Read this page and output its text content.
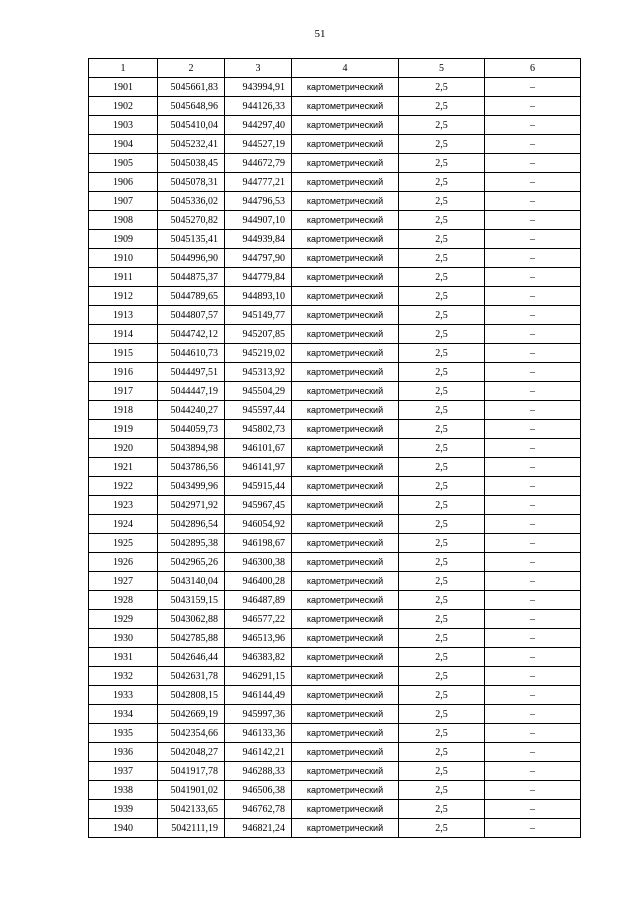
51
1	2	3	4	5	6
1901	5045661,83	943994,91	картометрический	2,5	–
1902	5045648,96	944126,33	картометрический	2,5	–
1903	5045410,04	944297,40	картометрический	2,5	–
1904	5045232,41	944527,19	картометрический	2,5	–
1905	5045038,45	944672,79	картометрический	2,5	–
1906	5045078,31	944777,21	картометрический	2,5	–
1907	5045336,02	944796,53	картометрический	2,5	–
1908	5045270,82	944907,10	картометрический	2,5	–
1909	5045135,41	944939,84	картометрический	2,5	–
1910	5044996,90	944797,90	картометрический	2,5	–
1911	5044875,37	944779,84	картометрический	2,5	–
1912	5044789,65	944893,10	картометрический	2,5	–
1913	5044807,57	945149,77	картометрический	2,5	–
1914	5044742,12	945207,85	картометрический	2,5	–
1915	5044610,73	945219,02	картометрический	2,5	–
1916	5044497,51	945313,92	картометрический	2,5	–
1917	5044447,19	945504,29	картометрический	2,5	–
1918	5044240,27	945597,44	картометрический	2,5	–
1919	5044059,73	945802,73	картометрический	2,5	–
1920	5043894,98	946101,67	картометрический	2,5	–
1921	5043786,56	946141,97	картометрический	2,5	–
1922	5043499,96	945915,44	картометрический	2,5	–
1923	5042971,92	945967,45	картометрический	2,5	–
1924	5042896,54	946054,92	картометрический	2,5	–
1925	5042895,38	946198,67	картометрический	2,5	–
1926	5042965,26	946300,38	картометрический	2,5	–
1927	5043140,04	946400,28	картометрический	2,5	–
1928	5043159,15	946487,89	картометрический	2,5	–
1929	5043062,88	946577,22	картометрический	2,5	–
1930	5042785,88	946513,96	картометрический	2,5	–
1931	5042646,44	946383,82	картометрический	2,5	–
1932	5042631,78	946291,15	картометрический	2,5	–
1933	5042808,15	946144,49	картометрический	2,5	–
1934	5042669,19	945997,36	картометрический	2,5	–
1935	5042354,66	946133,36	картометрический	2,5	–
1936	5042048,27	946142,21	картометрический	2,5	–
1937	5041917,78	946288,33	картометрический	2,5	–
1938	5041901,02	946506,38	картометрический	2,5	–
1939	5042133,65	946762,78	картометрический	2,5	–
1940	5042111,19	946821,24	картометрический	2,5	–
